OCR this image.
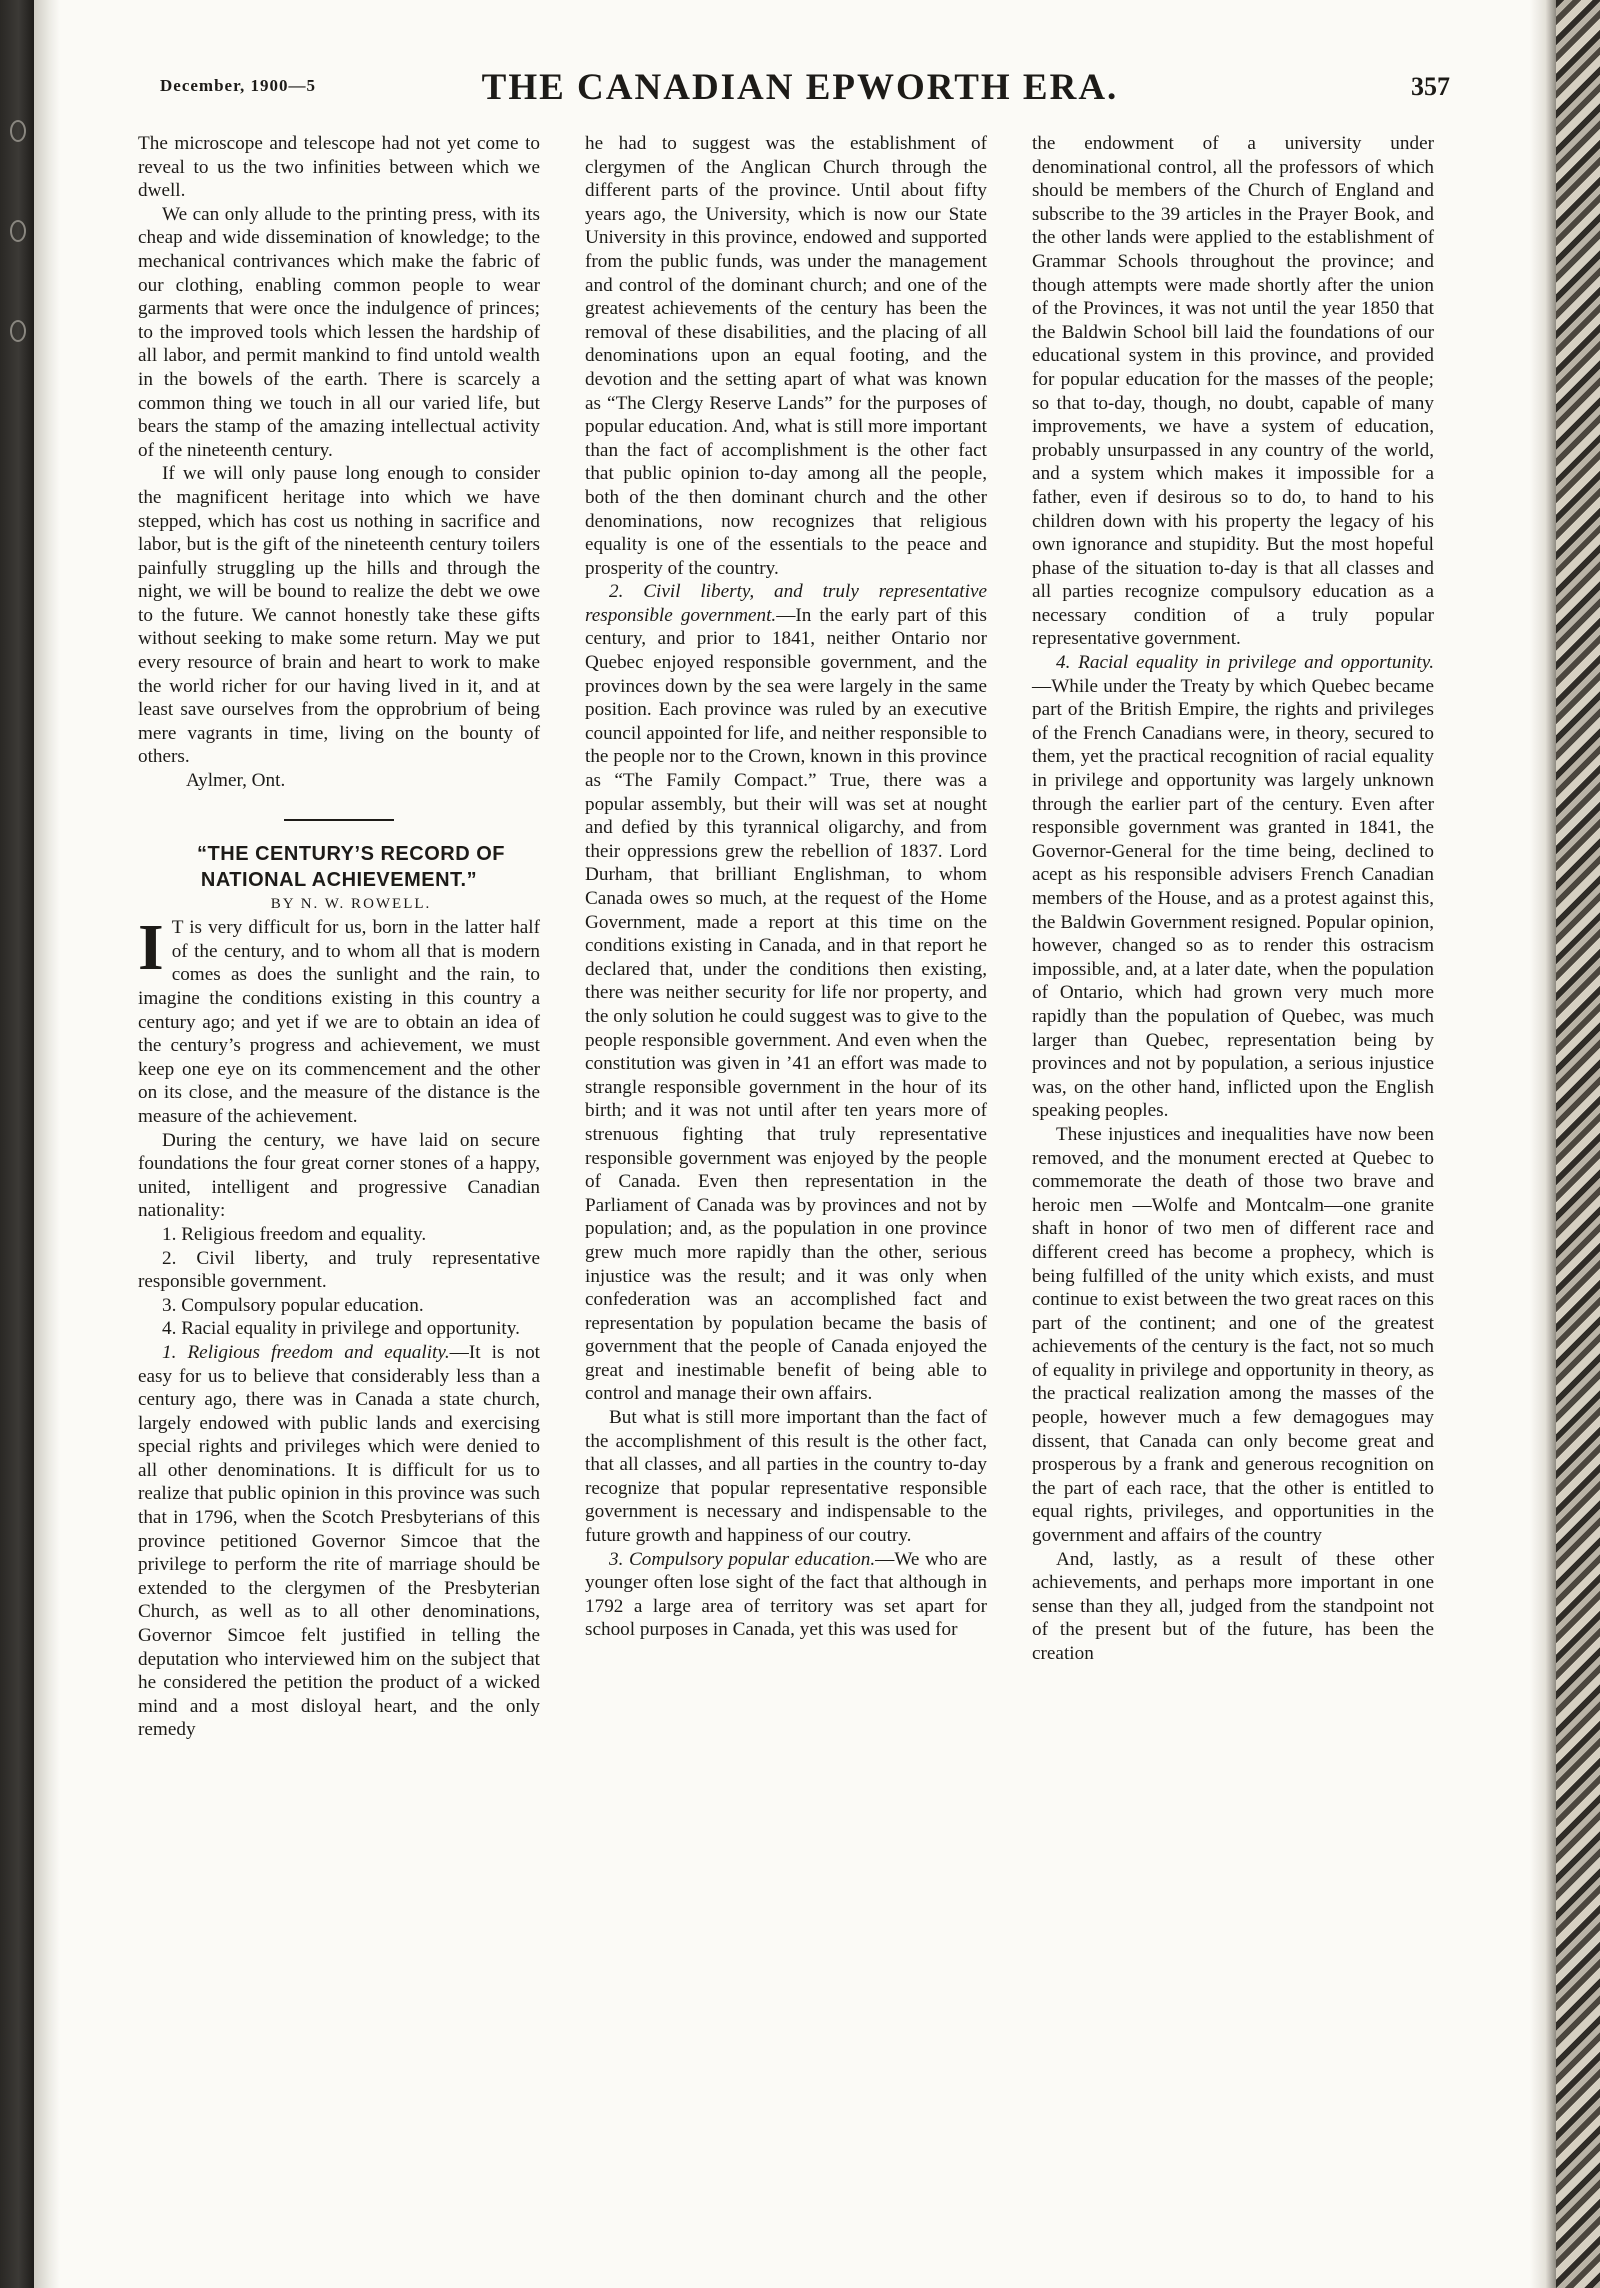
December, 1900—5	THE CANADIAN EPWORTH ERA.	357

The microscope and telescope had not yet come to reveal to us the two infinities between which we dwell.

We can only allude to the printing press, with its cheap and wide dissemination of knowledge; to the mechanical contrivances which make the fabric of our clothing, enabling common people to wear garments that were once the indulgence of princes; to the improved tools which lessen the hardship of all labor, and permit mankind to find untold wealth in the bowels of the earth. There is scarcely a common thing we touch in all our varied life, but bears the stamp of the amazing intellectual activity of the nineteenth century.

If we will only pause long enough to consider the magnificent heritage into which we have stepped, which has cost us nothing in sacrifice and labor, but is the gift of the nineteenth century toilers painfully struggling up the hills and through the night, we will be bound to realize the debt we owe to the future. We cannot honestly take these gifts without seeking to make some return. May we put every resource of brain and heart to work to make the world richer for our having lived in it, and at least save ourselves from the opprobrium of being mere vagrants in time, living on the bounty of others.

Aylmer, Ont.

“THE CENTURY’S RECORD OF NATIONAL ACHIEVEMENT.”

BY N. W. ROWELL.

I T is very difficult for us, born in the latter half of the century, and to whom all that is modern comes as does the sunlight and the rain, to imagine the conditions existing in this country a century ago; and yet if we are to obtain an idea of the century’s progress and achievement, we must keep one eye on its commencement and the other on its close, and the measure of the distance is the measure of the achievement.

During the century, we have laid on secure foundations the four great corner stones of a happy, united, intelligent and progressive Canadian nationality:

1. Religious freedom and equality.

2. Civil liberty, and truly representative responsible government.

3. Compulsory popular education.

4. Racial equality in privilege and opportunity.

1. Religious freedom and equality.—It is not easy for us to believe that considerably less than a century ago, there was in Canada a state church, largely endowed with public lands and exercising special rights and privileges which were denied to all other denominations. It is difficult for us to realize that public opinion in this province was such that in 1796, when the Scotch Presbyterians of this province petitioned Governor Simcoe that the privilege to perform the rite of marriage should be extended to the clergymen of the Presbyterian Church, as well as to all other denominations, Governor Simcoe felt justified in telling the deputation who interviewed him on the subject that he considered the petition the product of a wicked mind and a most disloyal heart, and the only remedy

he had to suggest was the establishment of clergymen of the Anglican Church through the different parts of the province. Until about fifty years ago, the University, which is now our State University in this province, endowed and supported from the public funds, was under the management and control of the dominant church; and one of the greatest achievements of the century has been the removal of these disabilities, and the placing of all denominations upon an equal footing, and the devotion and the setting apart of what was known as “The Clergy Reserve Lands” for the purposes of popular education. And, what is still more important than the fact of accomplishment is the other fact that public opinion to-day among all the people, both of the then dominant church and the other denominations, now recognizes that religious equality is one of the essentials to the peace and prosperity of the country.

2. Civil liberty, and truly representative responsible government.—In the early part of this century, and prior to 1841, neither Ontario nor Quebec enjoyed responsible government, and the provinces down by the sea were largely in the same position. Each province was ruled by an executive council appointed for life, and neither responsible to the people nor to the Crown, known in this province as “The Family Compact.” True, there was a popular assembly, but their will was set at nought and defied by this tyrannical oligarchy, and from their oppressions grew the rebellion of 1837. Lord Durham, that brilliant Englishman, to whom Canada owes so much, at the request of the Home Government, made a report at this time on the conditions existing in Canada, and in that report he declared that, under the conditions then existing, there was neither security for life nor property, and the only solution he could suggest was to give to the people responsible government. And even when the constitution was given in ’41 an effort was made to strangle responsible government in the hour of its birth; and it was not until after ten years more of strenuous fighting that truly representative responsible government was enjoyed by the people of Canada. Even then representation in the Parliament of Canada was by provinces and not by population; and, as the population in one province grew much more rapidly than the other, serious injustice was the result; and it was only when confederation was an accomplished fact and representation by population became the basis of government that the people of Canada enjoyed the great and inestimable benefit of being able to control and manage their own affairs.

But what is still more important than the fact of the accomplishment of this result is the other fact, that all classes, and all parties in the country to-day recognize that popular representative responsible government is necessary and indispensable to the future growth and happiness of our coutry.

3. Compulsory popular education.—We who are younger often lose sight of the fact that although in 1792 a large area of territory was set apart for school purposes in Canada, yet this was used for

the endowment of a university under denominational control, all the professors of which should be members of the Church of England and subscribe to the 39 articles in the Prayer Book, and the other lands were applied to the establishment of Grammar Schools throughout the province; and though attempts were made shortly after the union of the Provinces, it was not until the year 1850 that the Baldwin School bill laid the foundations of our educational system in this province, and provided for popular education for the masses of the people; so that to-day, though, no doubt, capable of many improvements, we have a system of education, probably unsurpassed in any country of the world, and a system which makes it impossible for a father, even if desirous so to do, to hand to his children down with his property the legacy of his own ignorance and stupidity. But the most hopeful phase of the situation to-day is that all classes and all parties recognize compulsory education as a necessary condition of a truly popular representative government.

4. Racial equality in privilege and opportunity.—While under the Treaty by which Quebec became part of the British Empire, the rights and privileges of the French Canadians were, in theory, secured to them, yet the practical recognition of racial equality in privilege and opportunity was largely unknown through the earlier part of the century. Even after responsible government was granted in 1841, the Governor-General for the time being, declined to acept as his responsible advisers French Canadian members of the House, and as a protest against this, the Baldwin Government resigned. Popular opinion, however, changed so as to render this ostracism impossible, and, at a later date, when the population of Ontario, which had grown very much more rapidly than the population of Quebec, was much larger than Quebec, representation being by provinces and not by population, a serious injustice was, on the other hand, inflicted upon the English speaking peoples.

These injustices and inequalities have now been removed, and the monument erected at Quebec to commemorate the death of those two brave and heroic men —Wolfe and Montcalm—one granite shaft in honor of two men of different race and different creed has become a prophecy, which is being fulfilled of the unity which exists, and must continue to exist between the two great races on this part of the continent; and one of the greatest achievements of the century is the fact, not so much of equality in privilege and opportunity in theory, as the practical realization among the masses of the people, however much a few demagogues may dissent, that Canada can only become great and prosperous by a frank and generous recognition on the part of each race, that the other is entitled to equal rights, privileges, and opportunities in the government and affairs of the country

And, lastly, as a result of these other achievements, and perhaps more important in one sense than they all, judged from the standpoint not of the present but of the future, has been the creation
